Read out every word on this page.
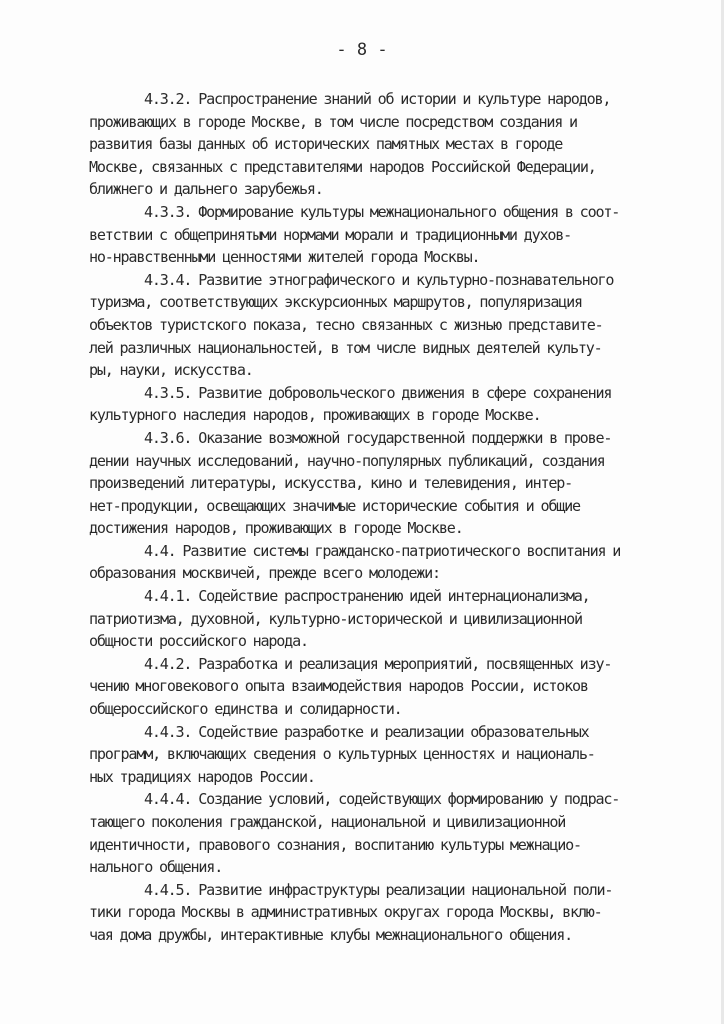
- 8 -
4.3.2. Распространение знаний об истории и культуре народов,
проживающих в городе Москве, в том числе посредством создания и
развития базы данных об исторических памятных местах в городе
Москве, связанных с представителями народов Российской Федерации,
ближнего и дальнего зарубежья.
4.3.3. Формирование культуры межнационального общения в соот-
ветствии с общепринятыми нормами морали и традиционными духов-
но-нравственными ценностями жителей города Москвы.
4.3.4. Развитие этнографического и культурно-познавательного
туризма, соответствующих экскурсионных маршрутов, популяризация
объектов туристского показа, тесно связанных с жизнью представите-
лей различных национальностей, в том числе видных деятелей культу-
ры, науки, искусства.
4.3.5. Развитие добровольческого движения в сфере сохранения
культурного наследия народов, проживающих в городе Москве.
4.3.6. Оказание возможной государственной поддержки в прове-
дении научных исследований, научно-популярных публикаций, создания
произведений литературы, искусства, кино и телевидения, интер-
нет-продукции, освещающих значимые исторические события и общие
достижения народов, проживающих в городе Москве.
4.4. Развитие системы гражданско-патриотического воспитания и
образования москвичей, прежде всего молодежи:
4.4.1. Содействие распространению идей интернационализма,
патриотизма, духовной, культурно-исторической и цивилизационной
общности российского народа.
4.4.2. Разработка и реализация мероприятий, посвященных изу-
чению многовекового опыта взаимодействия народов России, истоков
общероссийского единства и солидарности.
4.4.3. Содействие разработке и реализации образовательных
программ, включающих сведения о культурных ценностях и националь-
ных традициях народов России.
4.4.4. Создание условий, содействующих формированию у подрас-
тающего поколения гражданской, национальной и цивилизационной
идентичности, правового сознания, воспитанию культуры межнацио-
нального общения.
4.4.5. Развитие инфраструктуры реализации национальной поли-
тики города Москвы в административных округах города Москвы, вклю-
чая дома дружбы, интерактивные клубы межнационального общения.
